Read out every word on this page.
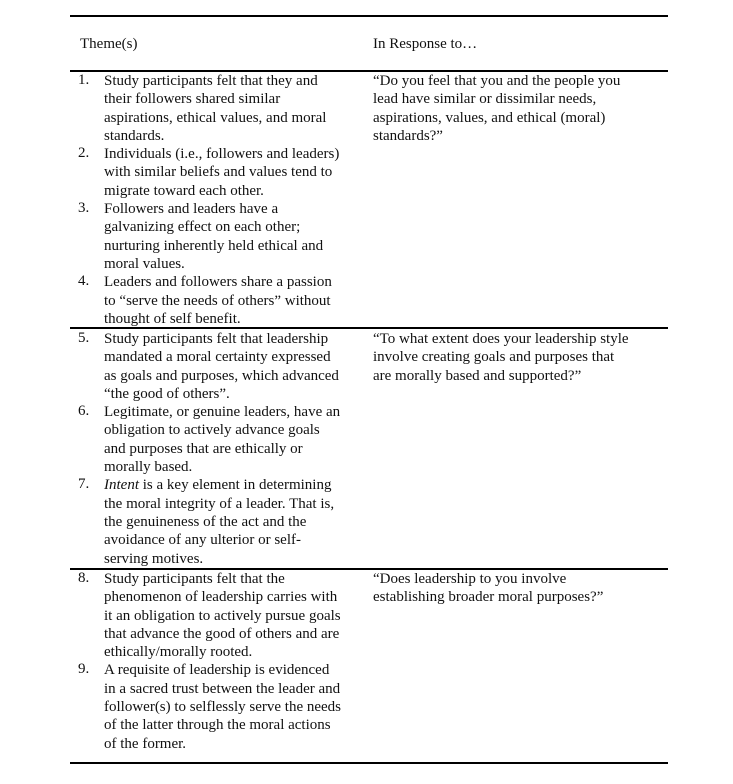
Theme(s)	In Response to…
1. Study participants felt that they and
their followers shared similar
aspirations, ethical values, and moral
standards.
2. Individuals (i.e., followers and leaders)
with similar beliefs and values tend to
migrate toward each other.
3. Followers and leaders have a
galvanizing effect on each other;
nurturing inherently held ethical and
moral values.
4. Leaders and followers share a passion
to “serve the needs of others” without
thought of self benefit.
“Do you feel that you and the people you
lead have similar or dissimilar needs,
aspirations, values, and ethical (moral)
standards?”
5. Study participants felt that leadership
mandated a moral certainty expressed
as goals and purposes, which advanced
“the good of others”.
6. Legitimate, or genuine leaders, have an
obligation to actively advance goals
and purposes that are ethically or
morally based.
7. Intent is a key element in determining
the moral integrity of a leader. That is,
the genuineness of the act and the
avoidance of any ulterior or self-
serving motives.
“To what extent does your leadership style
involve creating goals and purposes that
are morally based and supported?”
8. Study participants felt that the
phenomenon of leadership carries with
it an obligation to actively pursue goals
that advance the good of others and are
ethically/morally rooted.
9. A requisite of leadership is evidenced
in a sacred trust between the leader and
follower(s) to selflessly serve the needs
of the latter through the moral actions
of the former.
“Does leadership to you involve
establishing broader moral purposes?”
